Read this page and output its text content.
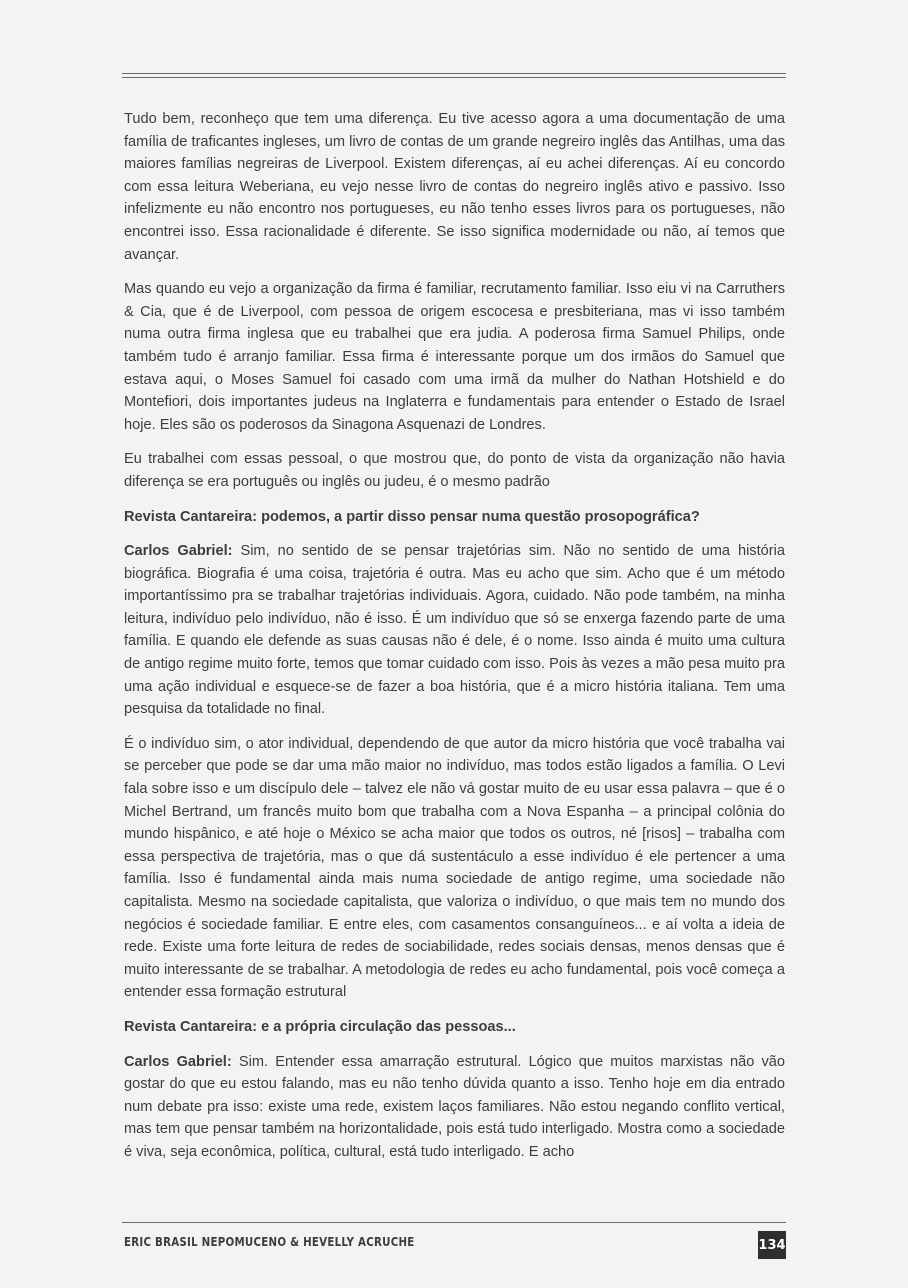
Tudo bem, reconheço que tem uma diferença. Eu tive acesso agora a uma documentação de uma família de traficantes ingleses, um livro de contas de um grande negreiro inglês das Antilhas, uma das maiores famílias negreiras de Liverpool. Existem diferenças, aí eu achei diferenças. Aí eu concordo com essa leitura Weberiana, eu vejo nesse livro de contas do negreiro inglês ativo e passivo. Isso infelizmente eu não encontro nos portugueses, eu não tenho esses livros para os portugueses, não encontrei isso. Essa racionalidade é diferente. Se isso significa modernidade ou não, aí temos que avançar.

Mas quando eu vejo a organização da firma é familiar, recrutamento familiar. Isso eiu vi na Carruthers & Cia, que é de Liverpool, com pessoa de origem escocesa e presbiteriana, mas vi isso também numa outra firma inglesa que eu trabalhei que era judia. A poderosa firma Samuel Philips, onde também tudo é arranjo familiar. Essa firma é interessante porque um dos irmãos do Samuel que estava aqui, o Moses Samuel foi casado com uma irmã da mulher do Nathan Hotshield e do Montefiori, dois importantes judeus na Inglaterra e fundamentais para entender o Estado de Israel hoje. Eles são os poderosos da Sinagona Asquenazi de Londres.

Eu trabalhei com essas pessoal, o que mostrou que, do ponto de vista da organização não havia diferença se era português ou inglês ou judeu, é o mesmo padrão

Revista Cantareira: podemos, a partir disso pensar numa questão prosopográfica?

Carlos Gabriel: Sim, no sentido de se pensar trajetórias sim. Não no sentido de uma história biográfica. Biografia é uma coisa, trajetória é outra. Mas eu acho que sim. Acho que é um método importantíssimo pra se trabalhar trajetórias individuais. Agora, cuidado. Não pode também, na minha leitura, indivíduo pelo indivíduo, não é isso. É um indivíduo que só se enxerga fazendo parte de uma família. E quando ele defende as suas causas não é dele, é o nome. Isso ainda é muito uma cultura de antigo regime muito forte, temos que tomar cuidado com isso. Pois às vezes a mão pesa muito pra uma ação individual e esquece-se de fazer a boa história, que é a micro história italiana. Tem uma pesquisa da totalidade no final.

É o indivíduo sim, o ator individual, dependendo de que autor da micro história que você trabalha vai se perceber que pode se dar uma mão maior no indivíduo, mas todos estão ligados a família. O Levi fala sobre isso e um discípulo dele – talvez ele não vá gostar muito de eu usar essa palavra – que é o Michel Bertrand, um francês muito bom que trabalha com a Nova Espanha – a principal colônia do mundo hispânico, e até hoje o México se acha maior que todos os outros, né [risos] – trabalha com essa perspectiva de trajetória, mas o que dá sustentáculo a esse indivíduo é ele pertencer a uma família. Isso é fundamental ainda mais numa sociedade de antigo regime, uma sociedade não capitalista. Mesmo na sociedade capitalista, que valoriza o indivíduo, o que mais tem no mundo dos negócios é sociedade familiar. E entre eles, com casamentos consanguíneos... e aí volta a ideia de rede. Existe uma forte leitura de redes de sociabilidade, redes sociais densas, menos densas que é muito interessante de se trabalhar. A metodologia de redes eu acho fundamental, pois você começa a entender essa formação estrutural

Revista Cantareira: e a própria circulação das pessoas...

Carlos Gabriel: Sim. Entender essa amarração estrutural. Lógico que muitos marxistas não vão gostar do que eu estou falando, mas eu não tenho dúvida quanto a isso. Tenho hoje em dia entrado num debate pra isso: existe uma rede, existem laços familiares. Não estou negando conflito vertical, mas tem que pensar também na horizontalidade, pois está tudo interligado. Mostra como a sociedade é viva, seja econômica, política, cultural, está tudo interligado. E acho

ERIC BRASIL NEPOMUCENO & HEVELLY ACRUCHE	134
